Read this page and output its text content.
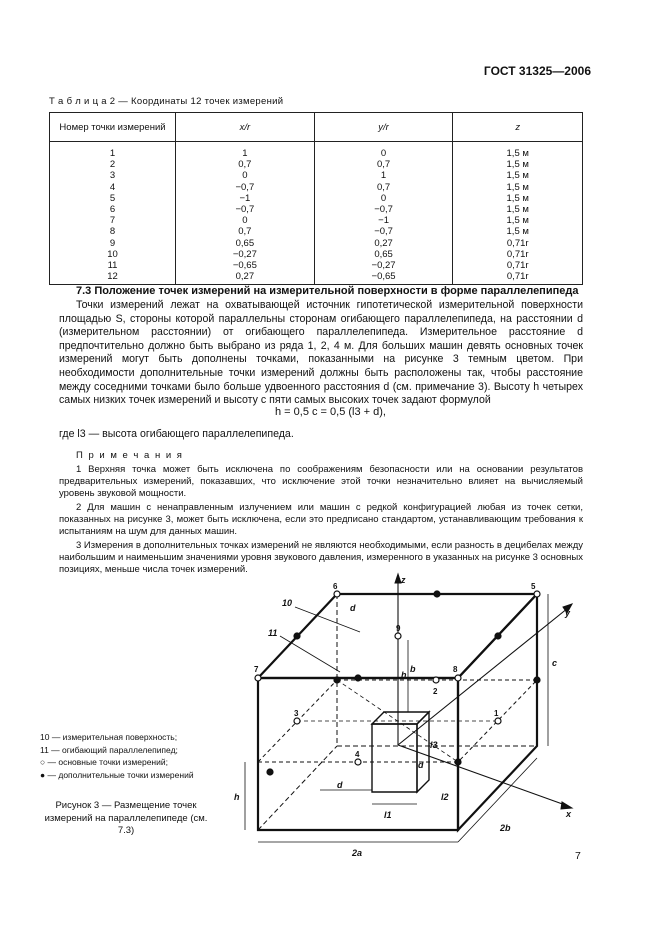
ГОСТ 31325—2006
Т а б л и ц а 2 — Координаты 12 точек измерений
Номер точки измерений	x/r	y/r	z
1	1	0	1,5 м
2	0,7	0,7	1,5 м
3	0	1	1,5 м
4	−0,7	0,7	1,5 м
5	−1	0	1,5 м
6	−0,7	−0,7	1,5 м
7	0	−1	1,5 м
8	0,7	−0,7	1,5 м
9	0,65	0,27	0,71r
10	−0,27	0,65	0,71r
11	−0,65	−0,27	0,71r
12	0,27	−0,65	0,71r
7.3 Положение точек измерений на измерительной поверхности в форме параллелепипеда

Точки измерений лежат на охватывающей источник гипотетической измерительной поверхности площадью S, стороны которой параллельны сторонам огибающего параллелепипеда, на расстоянии d (измерительном расстоянии) от огибающего параллелепипеда. Измерительное расстояние d предпочтительно должно быть выбрано из ряда 1, 2, 4 м. Для больших машин девять основных точек измерений могут быть дополнены точками, показанными на рисунке 3 темным цветом. При необходимости дополнительные точки измерений должны быть расположены так, чтобы расстояние между соседними точками было больше удвоенного расстояния d (см. примечание 3). Высоту h четырех самых низких точек измерений и высоту c пяти самых высоких точек задают формулой

h = 0,5 c = 0,5 (l3 + d),
где l3 — высота огибающего параллелепипеда.
П р и м е ч а н и я

1 Верхняя точка может быть исключена по соображениям безопасности или на основании результатов предварительных измерений, показавших, что исключение этой точки незначительно влияет на вычисляемый уровень звуковой мощности.

2 Для машин с ненаправленным излучением или машин с редкой конфигурацией любая из точек сетки, показанных на рисунке 3, может быть исключена, если это предписано стандартом, устанавливающим требования к испытаниям на шум для данных машин.

3 Измерения в дополнительных точках измерений не являются необходимыми, если разность в децибелах между наибольшим и наименьшим значениями уровня звукового давления, измеренного в указанных на рисунке 3 основных позициях, меньше числа точек измерений.

10
11
5
6
7	8
9
1
2
3
4
z
y
x
d
d
d
c
h
h
b
l1
l2
l3
2a
2b
10 — измерительная поверхность;
11 — огибающий параллелепипед;
○ — основные точки измерений;
● — дополнительные точки измерений
Рисунок 3 — Размещение точек измерений на параллелепипеде (см. 7.3)
7
